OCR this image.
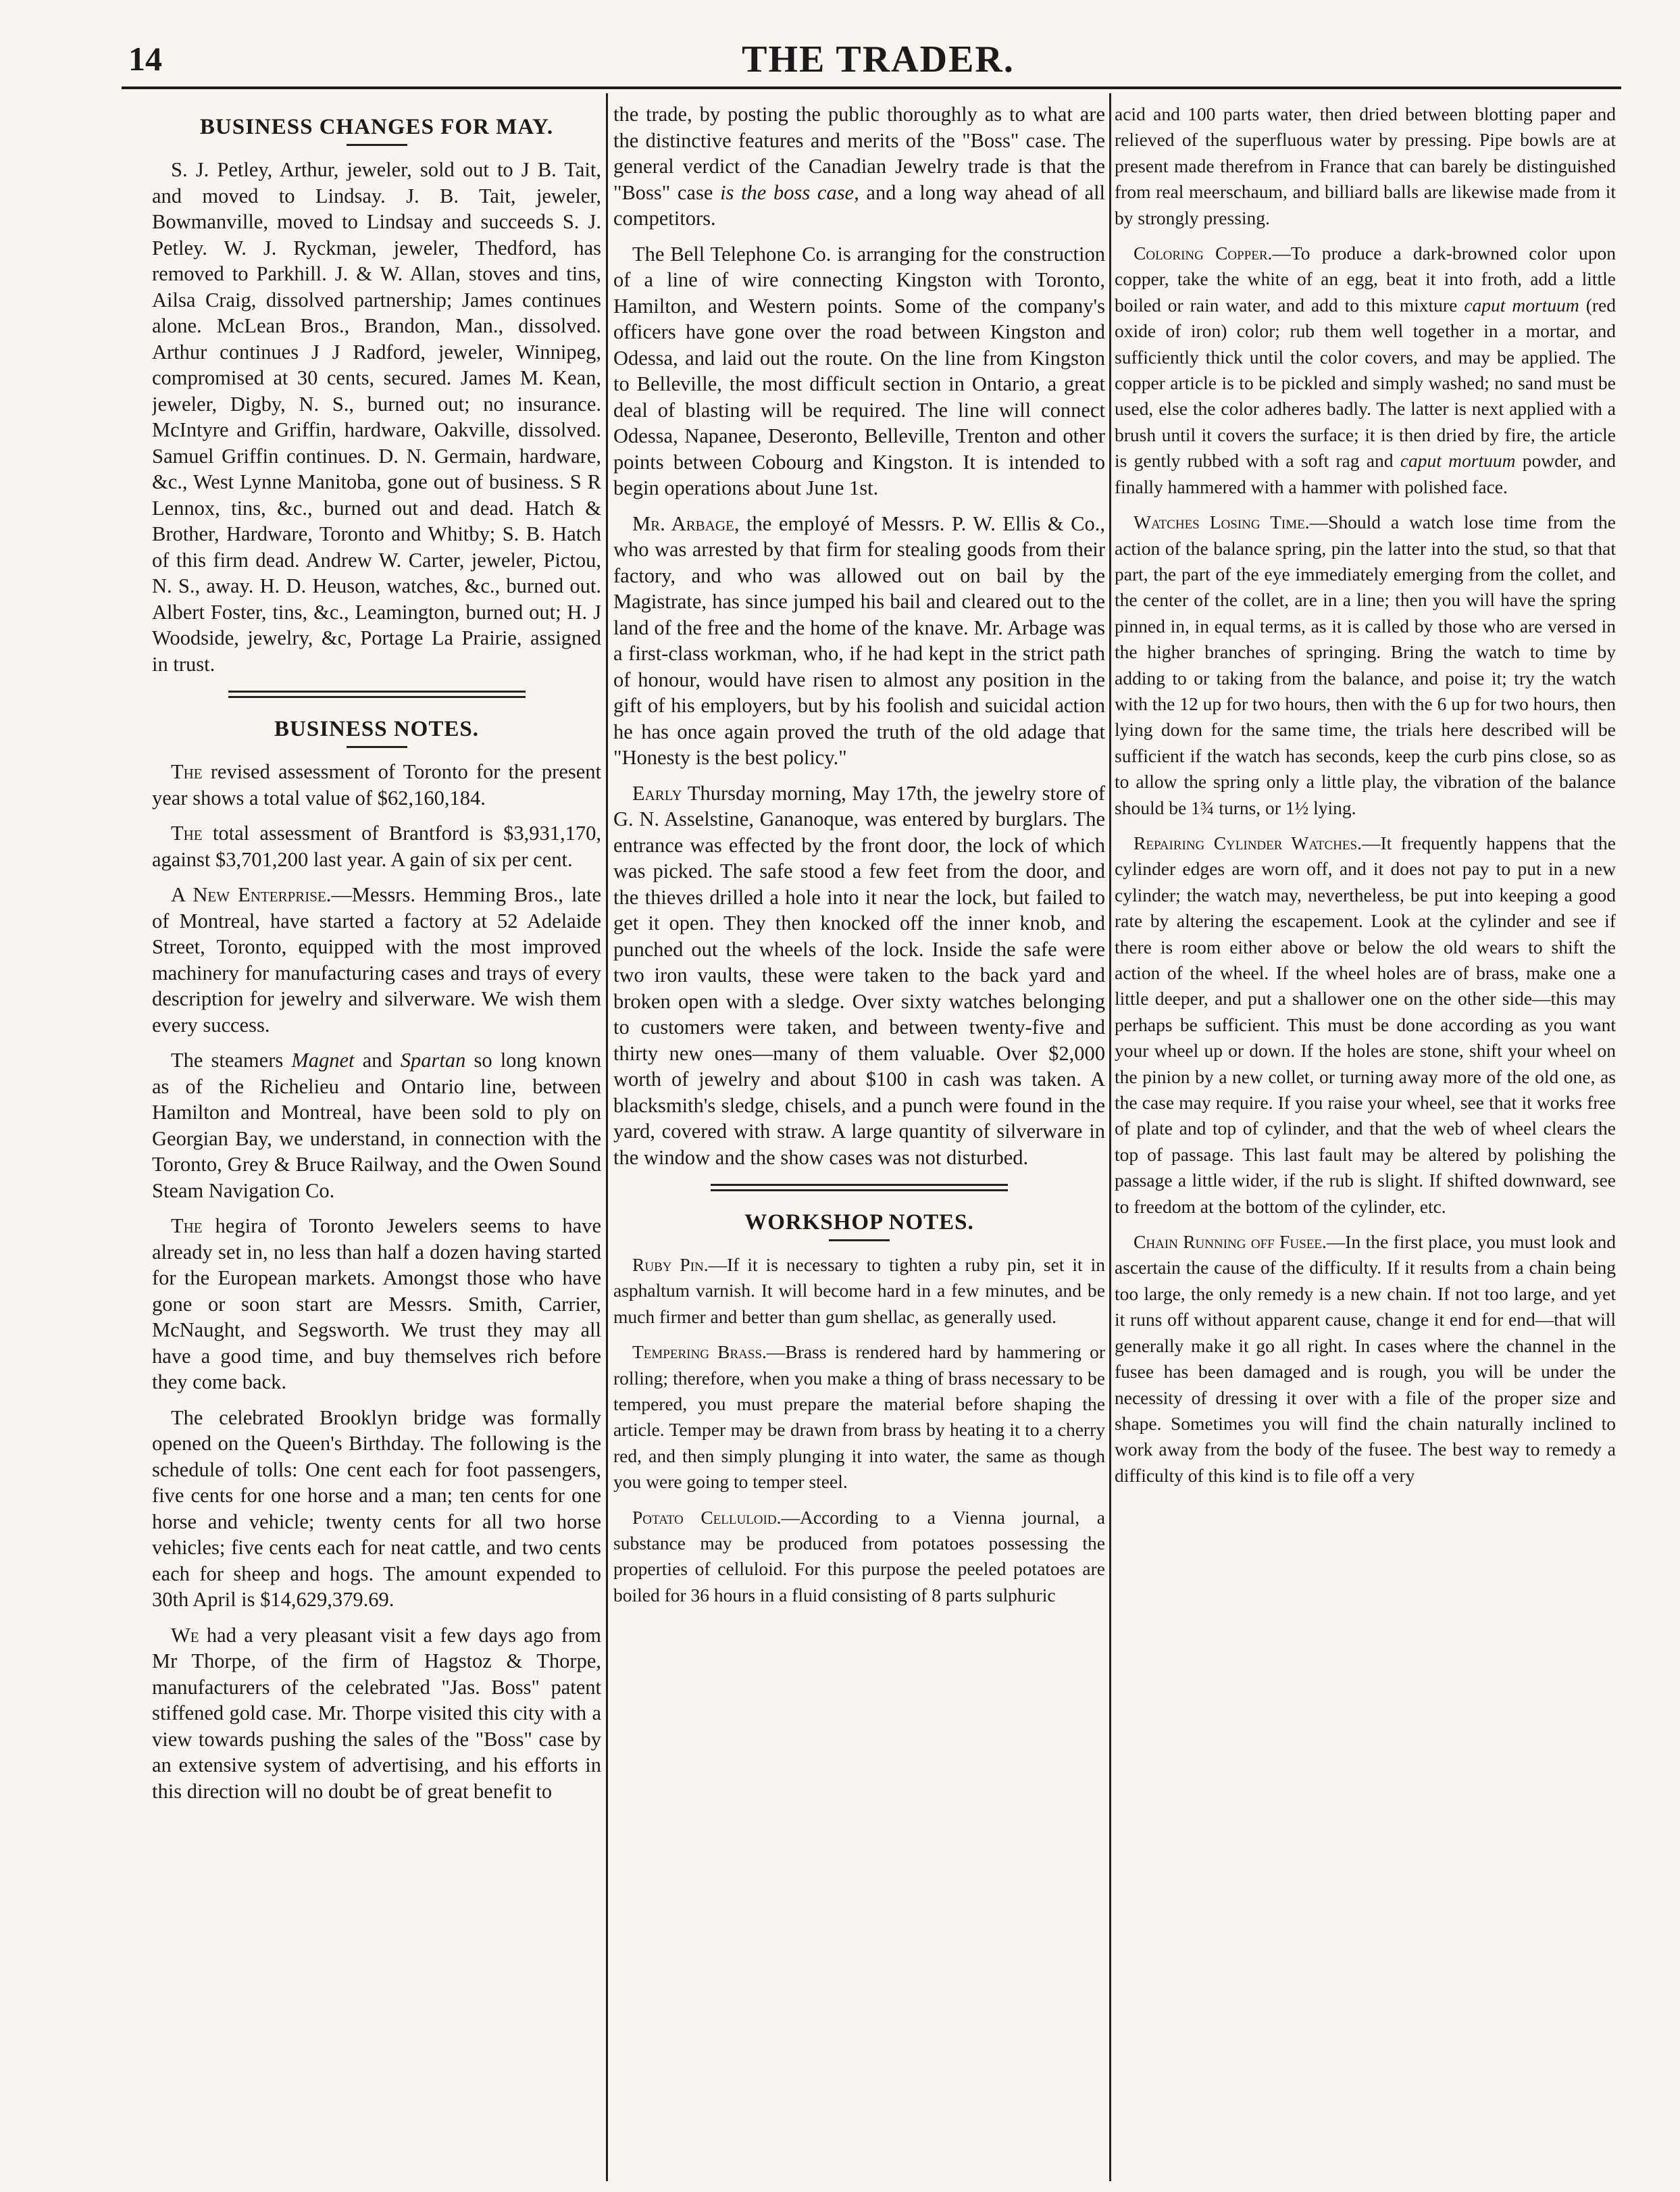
14	THE TRADER.
BUSINESS CHANGES FOR MAY.

S. J. Petley, Arthur, jeweler, sold out to J B. Tait, and moved to Lindsay. J. B. Tait, jeweler, Bowmanville, moved to Lindsay and succeeds S. J. Petley. W. J. Ryckman, jeweler, Thedford, has removed to Parkhill. J. & W. Allan, stoves and tins, Ailsa Craig, dissolved partnership; James continues alone. McLean Bros., Brandon, Man., dissolved. Arthur continues J J Radford, jeweler, Winnipeg, compromised at 30 cents, secured. James M. Kean, jeweler, Digby, N. S., burned out; no insurance. McIntyre and Griffin, hardware, Oakville, dissolved. Samuel Griffin continues. D. N. Germain, hardware, &c., West Lynne Manitoba, gone out of business. S R Lennox, tins, &c., burned out and dead. Hatch & Brother, Hardware, Toronto and Whitby; S. B. Hatch of this firm dead. Andrew W. Carter, jeweler, Pictou, N. S., away. H. D. Heuson, watches, &c., burned out. Albert Foster, tins, &c., Leamington, burned out; H. J Woodside, jewelry, &c, Portage La Prairie, assigned in trust.

BUSINESS NOTES.

The revised assessment of Toronto for the present year shows a total value of $62,160,184.

The total assessment of Brantford is $3,931,170, against $3,701,200 last year. A gain of six per cent.

A New Enterprise.—Messrs. Hemming Bros., late of Montreal, have started a factory at 52 Adelaide Street, Toronto, equipped with the most improved machinery for manufacturing cases and trays of every description for jewelry and silverware. We wish them every success.

The steamers Magnet and Spartan so long known as of the Richelieu and Ontario line, between Hamilton and Montreal, have been sold to ply on Georgian Bay, we understand, in connection with the Toronto, Grey & Bruce Railway, and the Owen Sound Steam Navigation Co.

The hegira of Toronto Jewelers seems to have already set in, no less than half a dozen having started for the European markets. Amongst those who have gone or soon start are Messrs. Smith, Carrier, McNaught, and Segsworth. We trust they may all have a good time, and buy themselves rich before they come back.

The celebrated Brooklyn bridge was formally opened on the Queen's Birthday. The following is the schedule of tolls: One cent each for foot passengers, five cents for one horse and a man; ten cents for one horse and vehicle; twenty cents for all two horse vehicles; five cents each for neat cattle, and two cents each for sheep and hogs. The amount expended to 30th April is $14,629,379.69.

We had a very pleasant visit a few days ago from Mr Thorpe, of the firm of Hagstoz & Thorpe, manufacturers of the celebrated "Jas. Boss" patent stiffened gold case. Mr. Thorpe visited this city with a view towards pushing the sales of the "Boss" case by an extensive system of advertising, and his efforts in this direction will no doubt be of great benefit to

the trade, by posting the public thoroughly as to what are the distinctive features and merits of the "Boss" case. The general verdict of the Canadian Jewelry trade is that the "Boss" case is the boss case, and a long way ahead of all competitors.

The Bell Telephone Co. is arranging for the construction of a line of wire connecting Kingston with Toronto, Hamilton, and Western points. Some of the company's officers have gone over the road between Kingston and Odessa, and laid out the route. On the line from Kingston to Belleville, the most difficult section in Ontario, a great deal of blasting will be required. The line will connect Odessa, Napanee, Deseronto, Belleville, Trenton and other points between Cobourg and Kingston. It is intended to begin operations about June 1st.

Mr. Arbage, the employé of Messrs. P. W. Ellis & Co., who was arrested by that firm for stealing goods from their factory, and who was allowed out on bail by the Magistrate, has since jumped his bail and cleared out to the land of the free and the home of the knave. Mr. Arbage was a first-class workman, who, if he had kept in the strict path of honour, would have risen to almost any position in the gift of his employers, but by his foolish and suicidal action he has once again proved the truth of the old adage that "Honesty is the best policy."

Early Thursday morning, May 17th, the jewelry store of G. N. Asselstine, Gananoque, was entered by burglars. The entrance was effected by the front door, the lock of which was picked. The safe stood a few feet from the door, and the thieves drilled a hole into it near the lock, but failed to get it open. They then knocked off the inner knob, and punched out the wheels of the lock. Inside the safe were two iron vaults, these were taken to the back yard and broken open with a sledge. Over sixty watches belonging to customers were taken, and between twenty-five and thirty new ones—many of them valuable. Over $2,000 worth of jewelry and about $100 in cash was taken. A blacksmith's sledge, chisels, and a punch were found in the yard, covered with straw. A large quantity of silverware in the window and the show cases was not disturbed.

WORKSHOP NOTES.

Ruby Pin.—If it is necessary to tighten a ruby pin, set it in asphaltum varnish. It will become hard in a few minutes, and be much firmer and better than gum shellac, as generally used.

Tempering Brass.—Brass is rendered hard by hammering or rolling; therefore, when you make a thing of brass necessary to be tempered, you must prepare the material before shaping the article. Temper may be drawn from brass by heating it to a cherry red, and then simply plunging it into water, the same as though you were going to temper steel.

Potato Celluloid.—According to a Vienna journal, a substance may be produced from potatoes possessing the properties of celluloid. For this purpose the peeled potatoes are boiled for 36 hours in a fluid consisting of 8 parts sulphuric

acid and 100 parts water, then dried between blotting paper and relieved of the superfluous water by pressing. Pipe bowls are at present made therefrom in France that can barely be distinguished from real meerschaum, and billiard balls are likewise made from it by strongly pressing.

Coloring Copper.—To produce a dark-browned color upon copper, take the white of an egg, beat it into froth, add a little boiled or rain water, and add to this mixture caput mortuum (red oxide of iron) color; rub them well together in a mortar, and sufficiently thick until the color covers, and may be applied. The copper article is to be pickled and simply washed; no sand must be used, else the color adheres badly. The latter is next applied with a brush until it covers the surface; it is then dried by fire, the article is gently rubbed with a soft rag and caput mortuum powder, and finally hammered with a hammer with polished face.

Watches Losing Time.—Should a watch lose time from the action of the balance spring, pin the latter into the stud, so that that part, the part of the eye immediately emerging from the collet, and the center of the collet, are in a line; then you will have the spring pinned in, in equal terms, as it is called by those who are versed in the higher branches of springing. Bring the watch to time by adding to or taking from the balance, and poise it; try the watch with the 12 up for two hours, then with the 6 up for two hours, then lying down for the same time, the trials here described will be sufficient if the watch has seconds, keep the curb pins close, so as to allow the spring only a little play, the vibration of the balance should be 1¾ turns, or 1½ lying.

Repairing Cylinder Watches.—It frequently happens that the cylinder edges are worn off, and it does not pay to put in a new cylinder; the watch may, nevertheless, be put into keeping a good rate by altering the escapement. Look at the cylinder and see if there is room either above or below the old wears to shift the action of the wheel. If the wheel holes are of brass, make one a little deeper, and put a shallower one on the other side—this may perhaps be sufficient. This must be done according as you want your wheel up or down. If the holes are stone, shift your wheel on the pinion by a new collet, or turning away more of the old one, as the case may require. If you raise your wheel, see that it works free of plate and top of cylinder, and that the web of wheel clears the top of passage. This last fault may be altered by polishing the passage a little wider, if the rub is slight. If shifted downward, see to freedom at the bottom of the cylinder, etc.

Chain Running off Fusee.—In the first place, you must look and ascertain the cause of the difficulty. If it results from a chain being too large, the only remedy is a new chain. If not too large, and yet it runs off without apparent cause, change it end for end—that will generally make it go all right. In cases where the channel in the fusee has been damaged and is rough, you will be under the necessity of dressing it over with a file of the proper size and shape. Sometimes you will find the chain naturally inclined to work away from the body of the fusee. The best way to remedy a difficulty of this kind is to file off a very
